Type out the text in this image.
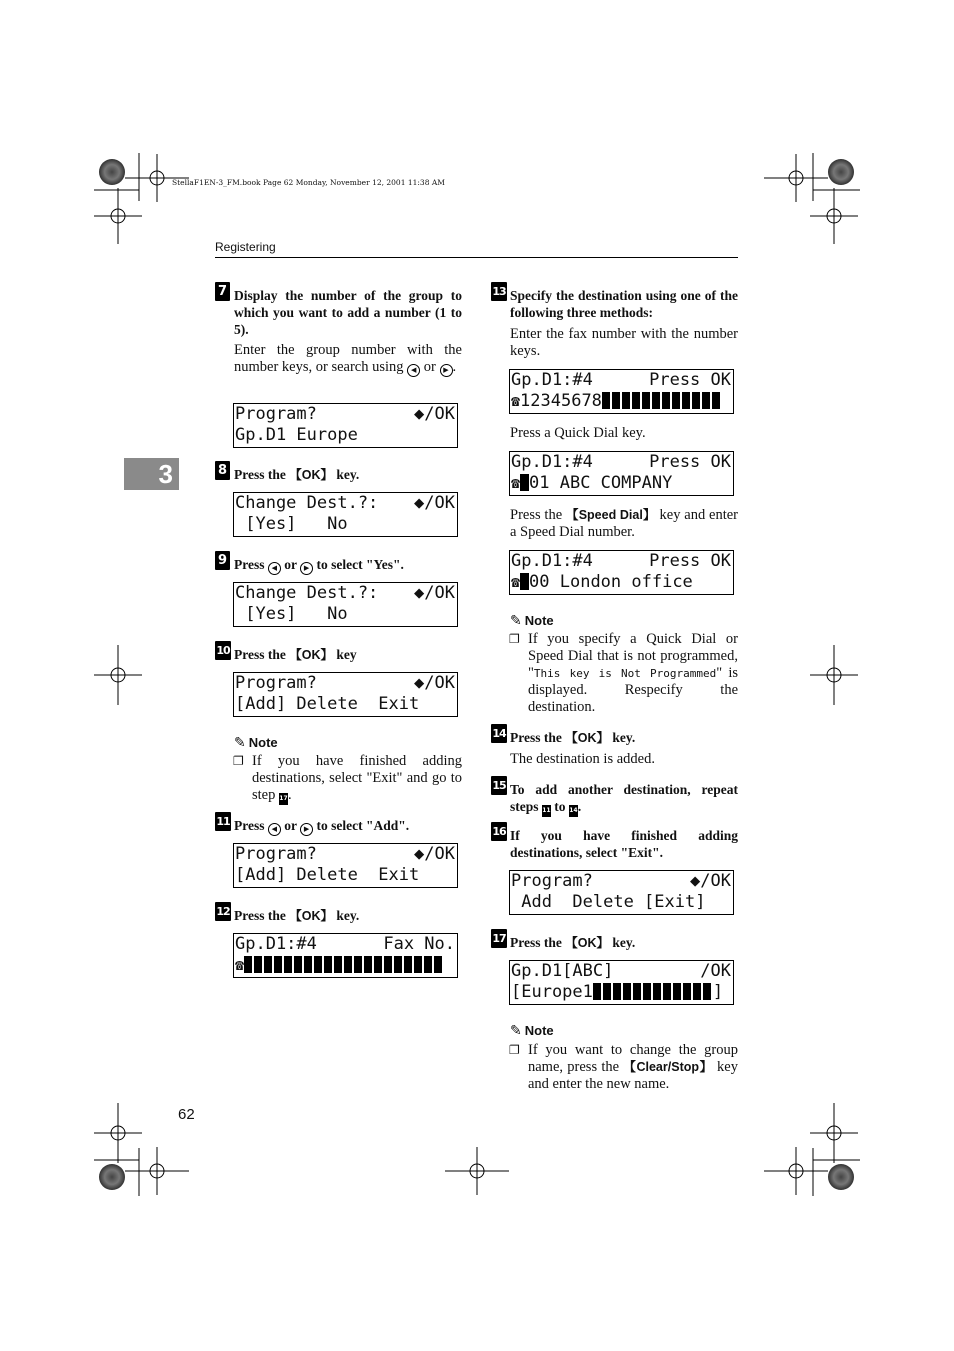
StellaF1EN-3_FM.book Page 62 Monday, November 12, 2001 11:38 AM
Registering
3
62
7 Display the number of the group to which you want to add a number (1 to 5).
Enter the group number with the number keys, or search using ◀ or ▶ .
Program?	◆/OK
Gp.D1 Europe
8 Press the 【 OK 】 key.
Change Dest.?: ◆/OK
[Yes]   No
9 Press ◀ or ▶ to select "Yes".
Change Dest.?: ◆/OK
[Yes]   No
10 Press the 【 OK 】 key
Program?	◆/OK
[Add] Delete  Exit
✎ Note
❐ If you have finished adding destinations, select "Exit" and go to step 17.
11 Press ◀ or ▶ to select "Add".
Program?	◆/OK
[Add] Delete  Exit
12 Press the 【 OK 】 key.
Gp.D1:#4	Fax No.
☎
13 Specify the destination using one of the following three methods:
Enter the fax number with the number keys.
Gp.D1:#4	Press OK
☎12345678
Press a Quick Dial key.
Gp.D1:#4	Press OK
☎ 01 ABC COMPANY
Press the 【 Speed Dial 】 key and enter a Speed Dial number.
Gp.D1:#4	Press OK
☎ 00 London office
✎ Note
❐ If you specify a Quick Dial or Speed Dial that is not programmed, "This key is Not Programmed" is displayed. Respecify the destination.
14 Press the 【 OK 】 key.
The destination is added.
15 To add another destination, repeat steps 11 to 14.
16 If you have finished adding destinations, select "Exit".
Program?	◆/OK
Add  Delete [Exit]
17 Press the 【 OK 】 key.
Gp.D1[ABC]	/OK
[Europe1	]
✎ Note
❐ If you want to change the group name, press the 【 Clear/Stop 】 key and enter the new name.
